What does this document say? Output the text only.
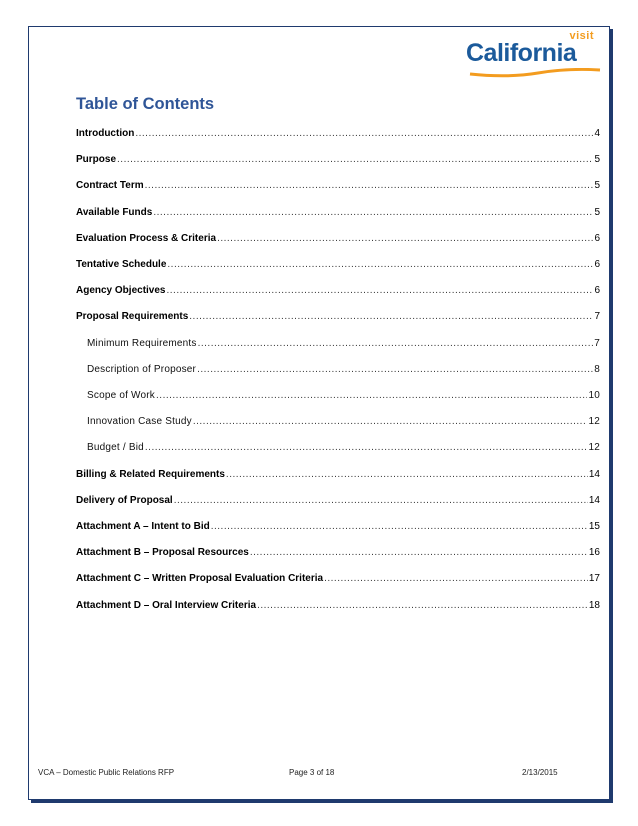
visit
California
Table of Contents
Introduction .....	4
Purpose .....	5
Contract Term .....	5
Available Funds .....	5
Evaluation Process & Criteria .....	6
Tentative Schedule .....	6
Agency Objectives .....	6
Proposal Requirements .....	7
Minimum Requirements .....	7
Description of Proposer .....	8
Scope of Work .....	10
Innovation Case Study .....	12
Budget / Bid .....	12
Billing & Related Requirements .....	14
Delivery of Proposal .....	14
Attachment A – Intent to Bid .....	15
Attachment B – Proposal Resources .....	16
Attachment C – Written Proposal Evaluation Criteria .....	17
Attachment D – Oral Interview Criteria .....	18
VCA – Domestic Public Relations RFP	Page 3 of 18	2/13/2015
